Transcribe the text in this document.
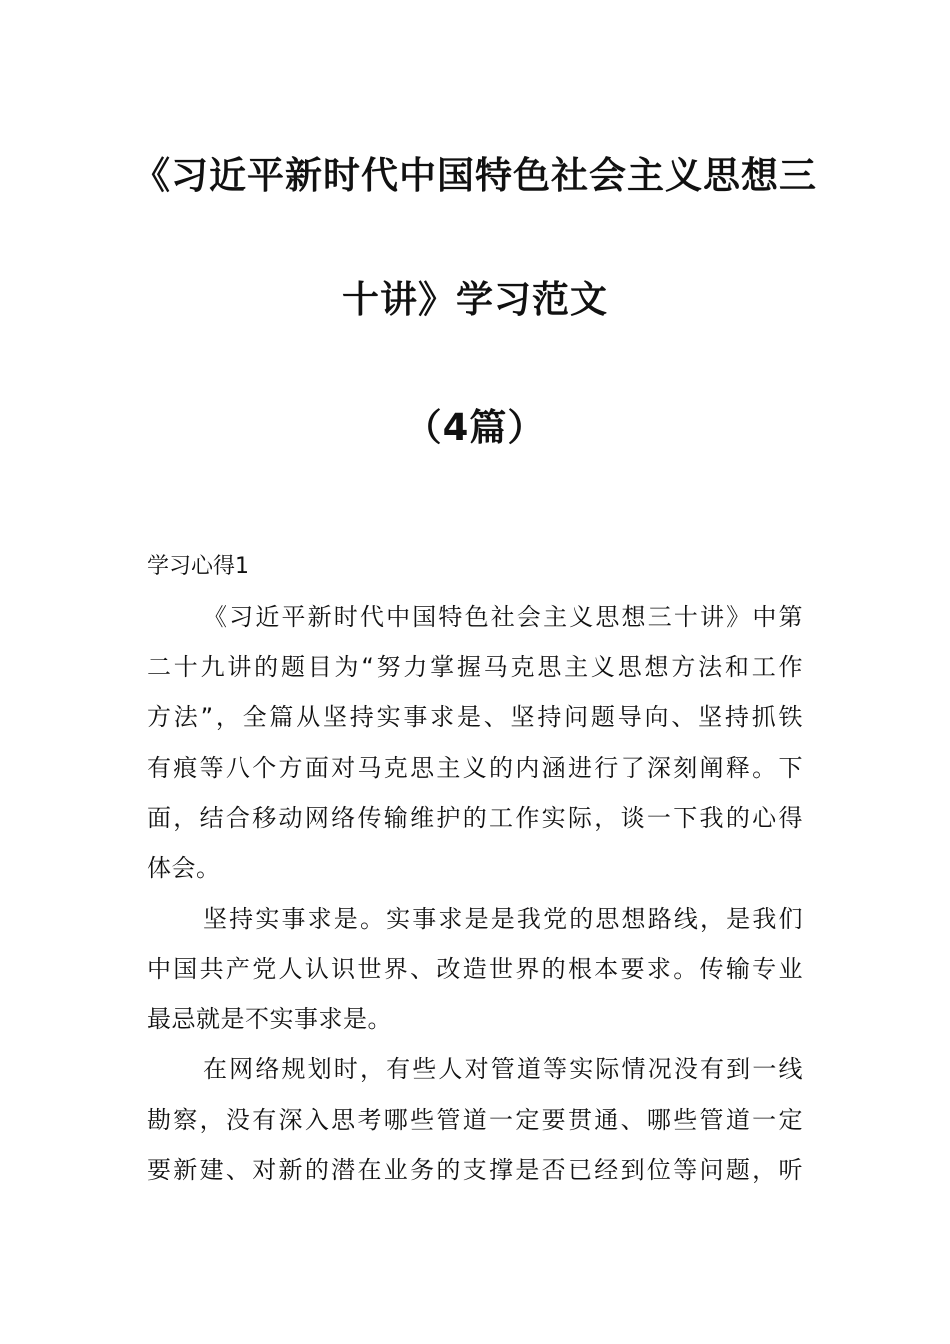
《习近平新时代中国特色社会主义思想三
十讲》学习范文
（4篇）
学习心得1
《习近平新时代中国特色社会主义思想三十讲》中第
二十九讲的题目为“努力掌握马克思主义思想方法和工作
方法”，全篇从坚持实事求是、坚持问题导向、坚持抓铁
有痕等八个方面对马克思主义的内涵进行了深刻阐释。下
面，结合移动网络传输维护的工作实际，谈一下我的心得
体会。
坚持实事求是。实事求是是我党的思想路线，是我们
中国共产党人认识世界、改造世界的根本要求。传输专业
最忌就是不实事求是。
在网络规划时，有些人对管道等实际情况没有到一线
勘察，没有深入思考哪些管道一定要贯通、哪些管道一定
要新建、对新的潜在业务的支撑是否已经到位等问题，听
